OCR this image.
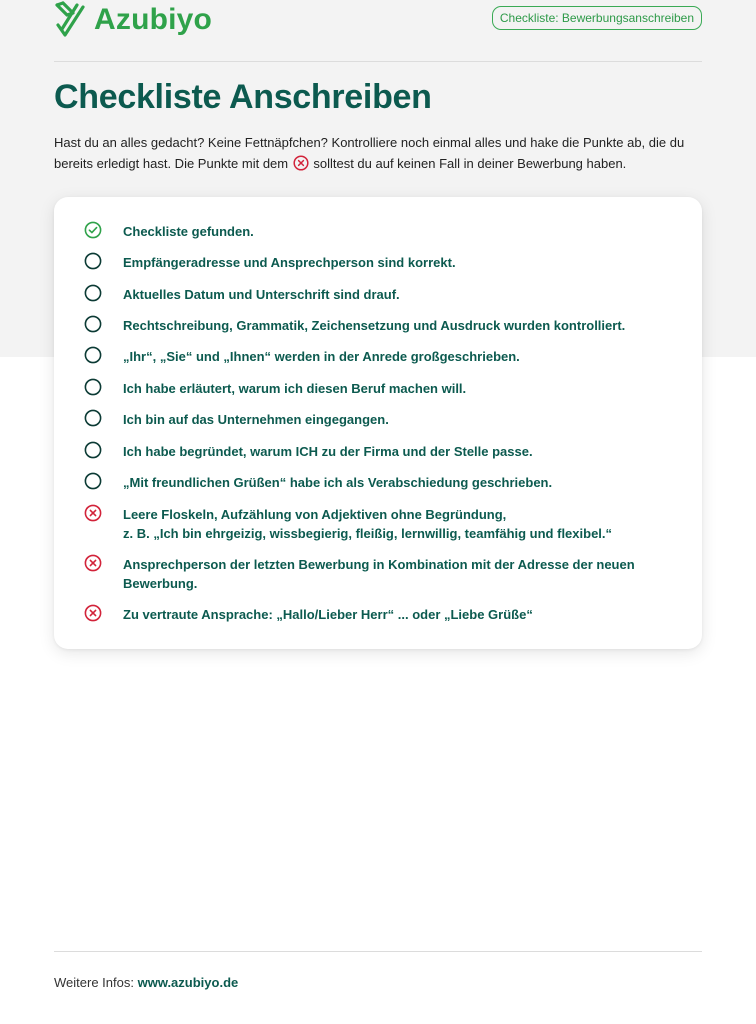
Azubiyo	Checkliste: Bewerbungsanschreiben
Checkliste Anschreiben

Hast du an alles gedacht? Keine Fettnäpfchen? Kontrolliere noch einmal alles und hake die Punkte ab, die du bereits erledigt hast. Die Punkte mit dem solltest du auf keinen Fall in deiner Bewerbung haben.

Checkliste gefunden.
Empfängeradresse und Ansprechperson sind korrekt.
Aktuelles Datum und Unterschrift sind drauf.
Rechtschreibung, Grammatik, Zeichensetzung und Ausdruck wurden kontrolliert.
„Ihr“, „Sie“ und „Ihnen“ werden in der Anrede großgeschrieben.
Ich habe erläutert, warum ich diesen Beruf machen will.
Ich bin auf das Unternehmen eingegangen.
Ich habe begründet, warum ICH zu der Firma und der Stelle passe.
„Mit freundlichen Grüßen“ habe ich als Verabschiedung geschrieben.
Leere Floskeln, Aufzählung von Adjektiven ohne Begründung,
z. B. „Ich bin ehrgeizig, wissbegierig, fleißig, lernwillig, teamfähig und flexibel.“
Ansprechperson der letzten Bewerbung in Kombination mit der Adresse der neuen
Bewerbung.
Zu vertraute Ansprache: „Hallo/Lieber Herr“ ... oder „Liebe Grüße“
Weitere Infos: www.azubiyo.de
